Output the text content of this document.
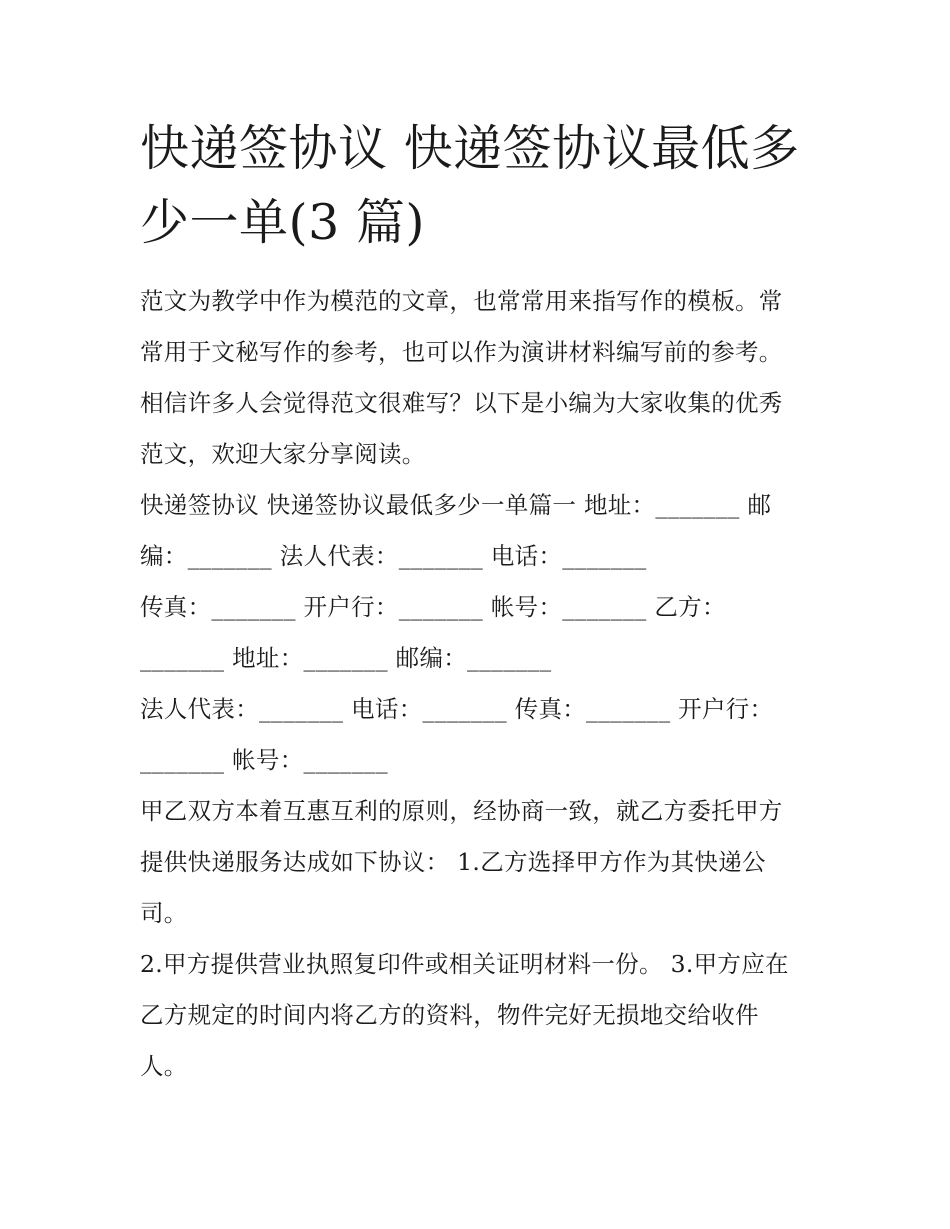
快递签协议 快递签协议最低多
少一单(3 篇)

范文为教学中作为模范的文章，也常常用来指写作的模板。常
常用于文秘写作的参考，也可以作为演讲材料编写前的参考。
相信许多人会觉得范文很难写？以下是小编为大家收集的优秀
范文，欢迎大家分享阅读。

快递签协议 快递签协议最低多少一单篇一 地址：_______ 邮
编：_______ 法人代表：_______ 电话：_______

传真：_______ 开户行：_______ 帐号：_______ 乙方：
_______ 地址：_______ 邮编：_______

法人代表：_______ 电话：_______ 传真：_______ 开户行：
_______ 帐号：_______

甲乙双方本着互惠互利的原则，经协商一致，就乙方委托甲方
提供快递服务达成如下协议： 1.乙方选择甲方作为其快递公
司。

2.甲方提供营业执照复印件或相关证明材料一份。 3.甲方应在
乙方规定的时间内将乙方的资料，物件完好无损地交给收件
人。
